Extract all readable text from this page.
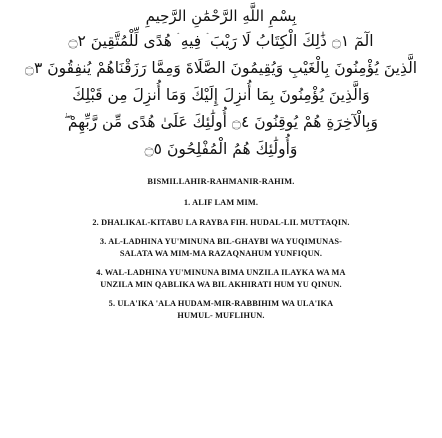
بِسْمِ اللَّهِ الرَّحْمَٰنِ الرَّحِيمِ
الٓمٓ ۝١ ذَٰلِكَ الْكِتَابُ لَا رَيْبَ ۛ فِيهِ ۛ هُدًى لِّلْمُتَّقِينَ ۝٢
الَّذِينَ يُؤْمِنُونَ بِالْغَيْبِ وَيُقِيمُونَ الصَّلَاةَ وَمِمَّا رَزَقْنَاهُمْ يُنفِقُونَ ۝٣
وَالَّذِينَ يُؤْمِنُونَ بِمَا أُنزِلَ إِلَيْكَ وَمَا أُنزِلَ مِن قَبْلِكَ
وَبِالْآخِرَةِ هُمْ يُوقِنُونَ ۝٤ أُولَٰئِكَ عَلَىٰ هُدًى مِّن رَّبِّهِمْ ۖ
وَأُولَٰئِكَ هُمُ الْمُفْلِحُونَ ۝٥
BISMILLAHIR-RAHMANIR-RAHIM.
1. ALIF LAM MIM.
2. DHALIKAL-KITABU LA RAYBA FIH. HUDAL-LIL MUTTAQIN.
3. AL-LADHINA YU'MINUNA BIL-GHAYBI WA YUQIMUNAS-
SALATA WA MIM-MA RAZAQNAHUM YUNFIQUN.
4. WAL-LADHINA YU'MINUNA BIMA UNZILA ILAYKA WA MA
UNZILA MIN QABLIKA WA BIL AKHIRATI HUM YU QINUN.
5. ULA'IKA 'ALA HUDAM-MIR-RABBIHIM WA ULA'IKA
HUMUL- MUFLIHUN.
